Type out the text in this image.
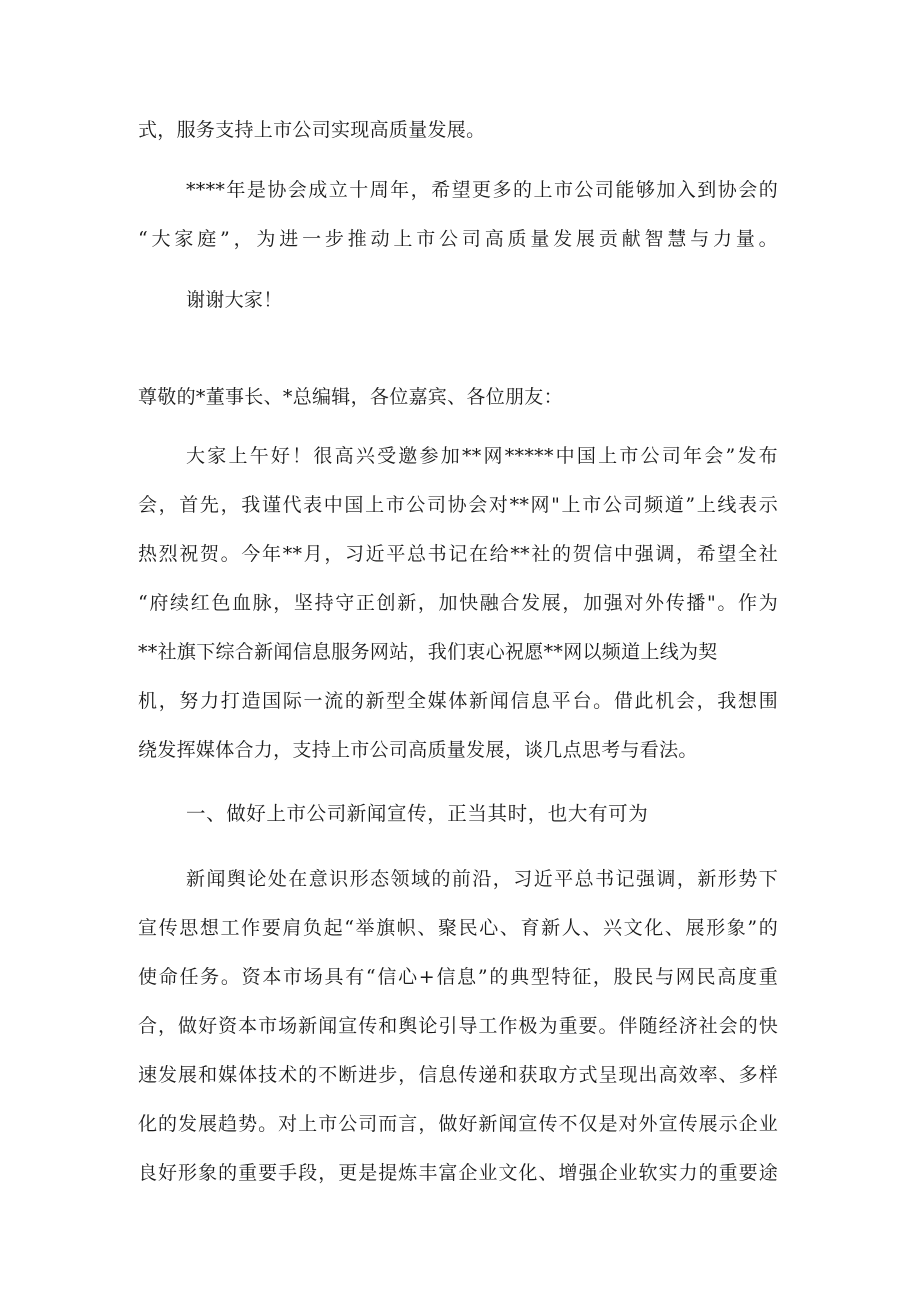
式，服务支持上市公司实现高质量发展。
****年是协会成立十周年，希望更多的上市公司能够加入到协会的
“大家庭”，为进一步推动上市公司高质量发展贡献智慧与力量。
谢谢大家！
尊敬的*董事长、*总编辑，各位嘉宾、各位朋友：
大家上午好！很高兴受邀参加**网*****中国上市公司年会”发布
会，首先，我谨代表中国上市公司协会对**网"上市公司频道”上线表示
热烈祝贺。今年**月，习近平总书记在给**社的贺信中强调，希望全社
“府续红色血脉，坚持守正创新，加快融合发展，加强对外传播"。作为
**社旗下综合新闻信息服务网站，我们衷心祝愿**网以频道上线为契
机，努力打造国际一流的新型全媒体新闻信息平台。借此机会，我想围
绕发挥媒体合力，支持上市公司高质量发展，谈几点思考与看法。
一、做好上市公司新闻宣传，正当其时，也大有可为
新闻舆论处在意识形态领域的前沿，习近平总书记强调，新形势下
宣传思想工作要肩负起“举旗帜、聚民心、育新人、兴文化、展形象”的
使命任务。资本市场具有“信心+信息”的典型特征，股民与网民高度重
合，做好资本市场新闻宣传和舆论引导工作极为重要。伴随经济社会的快
速发展和媒体技术的不断进步，信息传递和获取方式呈现出高效率、多样
化的发展趋势。对上市公司而言，做好新闻宣传不仅是对外宣传展示企业
良好形象的重要手段，更是提炼丰富企业文化、增强企业软实力的重要途
